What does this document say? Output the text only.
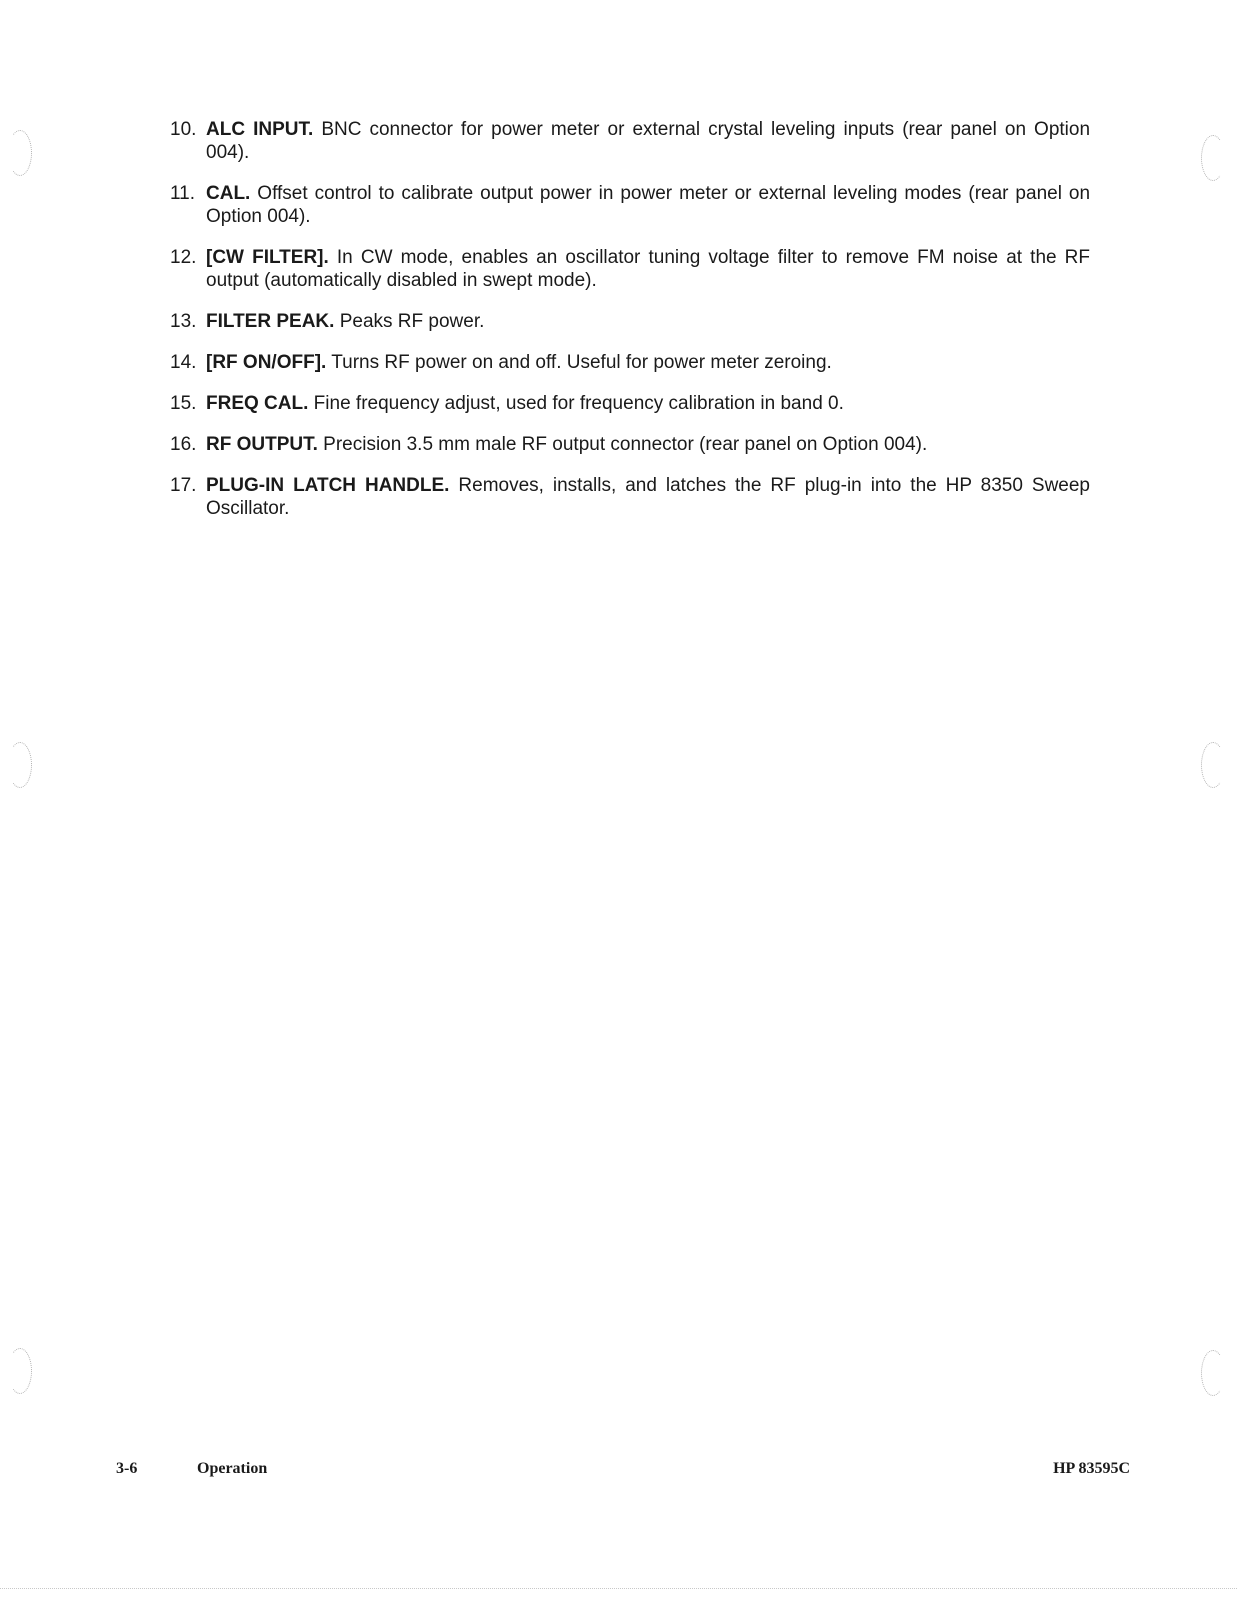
10. ALC INPUT. BNC connector for power meter or external crystal leveling inputs (rear panel on Option 004).
11. CAL. Offset control to calibrate output power in power meter or external leveling modes (rear panel on Option 004).
12. [CW FILTER]. In CW mode, enables an oscillator tuning voltage filter to remove FM noise at the RF output (automatically disabled in swept mode).
13. FILTER PEAK. Peaks RF power.
14. [RF ON/OFF]. Turns RF power on and off. Useful for power meter zeroing.
15. FREQ CAL. Fine frequency adjust, used for frequency calibration in band 0.
16. RF OUTPUT. Precision 3.5 mm male RF output connector (rear panel on Option 004).
17. PLUG-IN LATCH HANDLE. Removes, installs, and latches the RF plug-in into the HP 8350 Sweep Oscillator.
3-6	Operation	HP 83595C
